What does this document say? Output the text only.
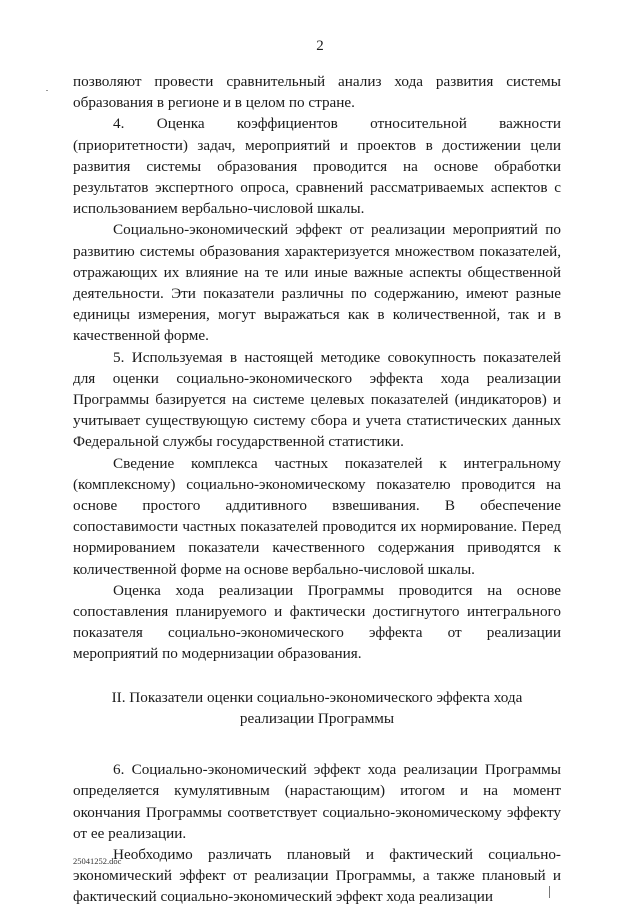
2

позволяют провести сравнительный анализ хода развития системы образования в регионе и в целом по стране.

4. Оценка коэффициентов относительной важности (приоритетности) задач, мероприятий и проектов в достижении цели развития системы образования проводится на основе обработки результатов экспертного опроса, сравнений рассматриваемых аспектов с использованием вербально-числовой шкалы.

Социально-экономический эффект от реализации мероприятий по развитию системы образования характеризуется множеством показателей, отражающих их влияние на те или иные важные аспекты общественной деятельности. Эти показатели различны по содержанию, имеют разные единицы измерения, могут выражаться как в количественной, так и в качественной форме.

5. Используемая в настоящей методике совокупность показателей для оценки социально-экономического эффекта хода реализации Программы базируется на системе целевых показателей (индикаторов) и учитывает существующую систему сбора и учета статистических данных Федеральной службы государственной статистики.

Сведение комплекса частных показателей к интегральному (комплексному) социально-экономическому показателю проводится на основе простого аддитивного взвешивания. В обеспечение сопоставимости частных показателей проводится их нормирование. Перед нормированием показатели качественного содержания приводятся к количественной форме на основе вербально-числовой шкалы.

Оценка хода реализации Программы проводится на основе сопоставления планируемого и фактически достигнутого интегрального показателя социально-экономического эффекта от реализации мероприятий по модернизации образования.

II. Показатели оценки социально-экономического эффекта хода
реализации Программы

6. Социально-экономический эффект хода реализации Программы определяется кумулятивным (нарастающим) итогом и на момент окончания Программы соответствует социально-экономическому эффекту от ее реализации.

Необходимо различать плановый и фактический социально-экономический эффект от реализации Программы, а также плановый и фактический социально-экономический эффект хода реализации

25041252.doc
